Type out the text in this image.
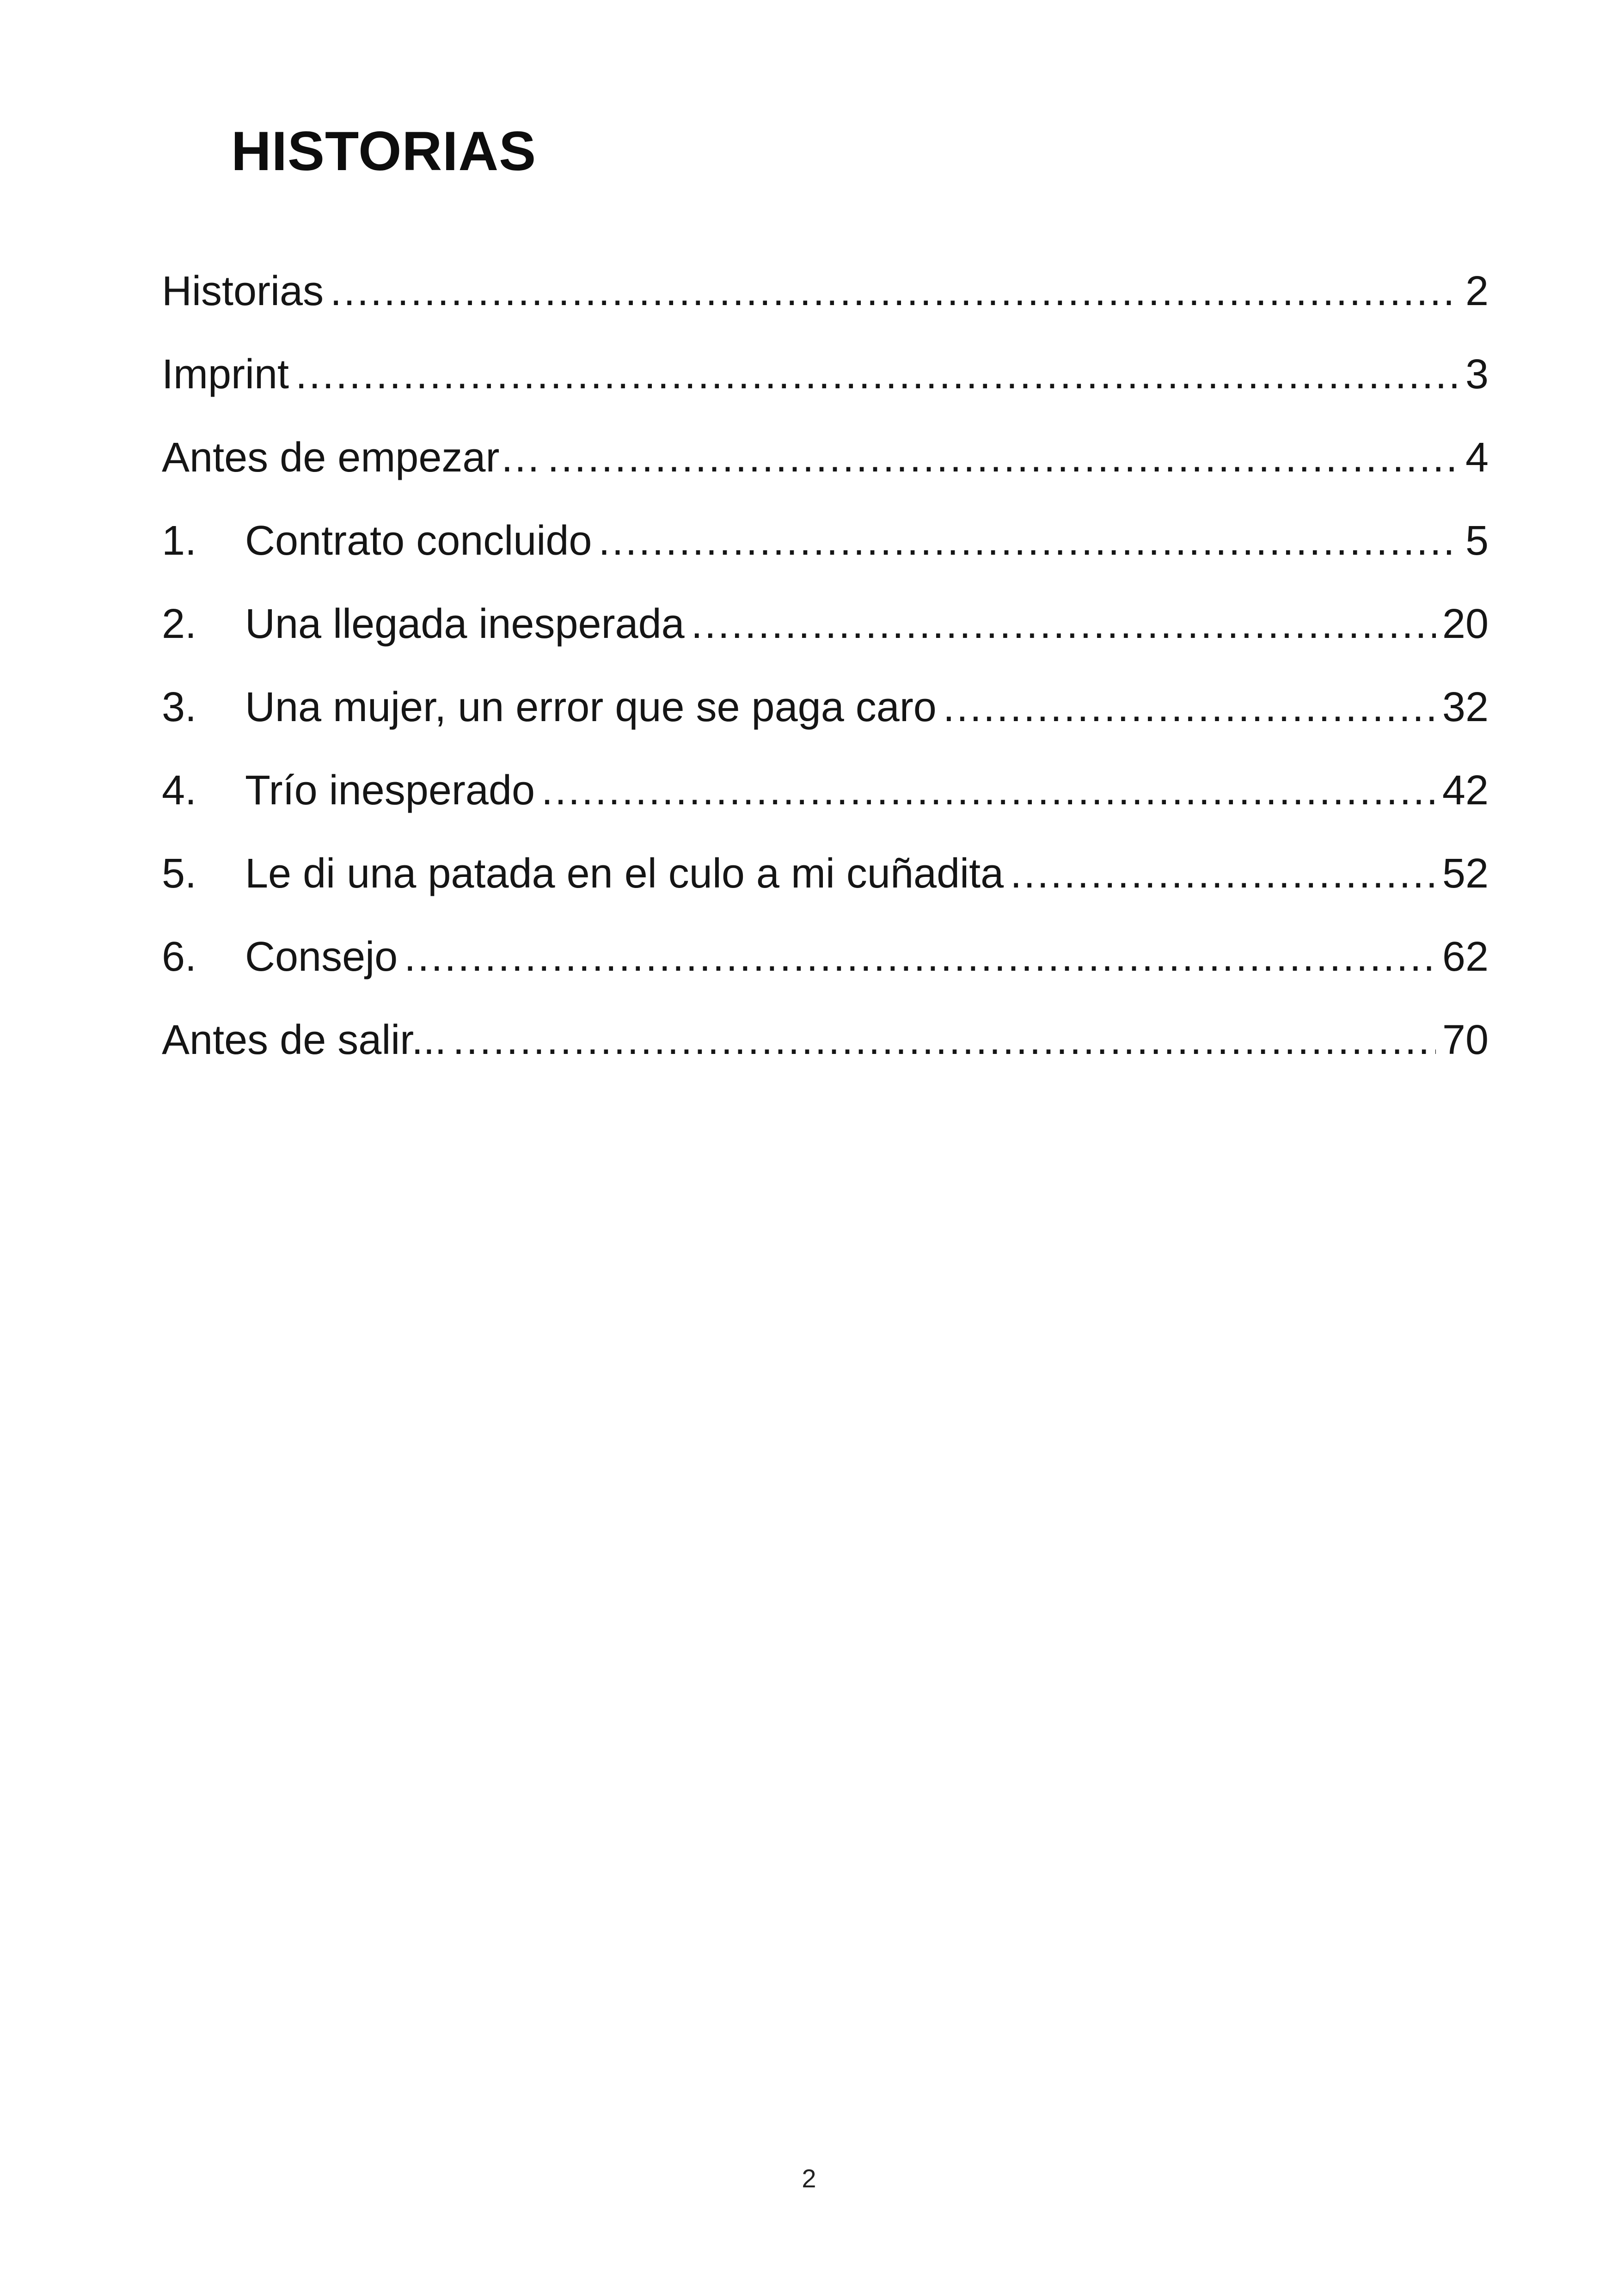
HISTORIAS
Historias .....	2
Imprint .....	3
Antes de empezar… .....	4
1.	Contrato concluido .....	5
2.	Una llegada inesperada .....	20
3.	Una mujer, un error que se paga caro .....	32
4.	Trío inesperado .....	42
5.	Le di una patada en el culo a mi cuñadita .....	52
6.	Consejo .....	62
Antes de salir... .....	70
2
